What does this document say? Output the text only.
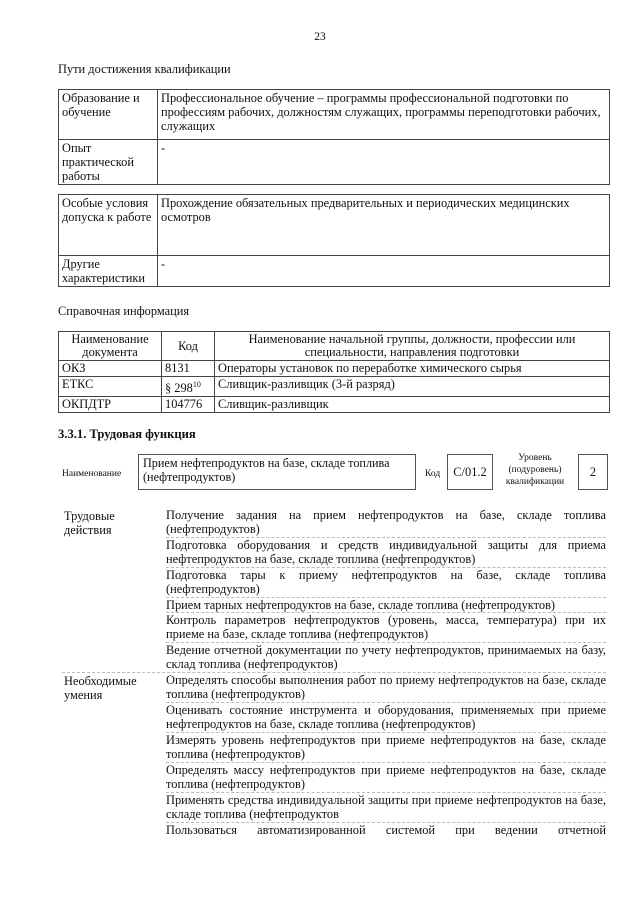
23
Пути достижения квалификации
Образование и обучение	Профессиональное обучение – программы профессиональной подготовки по профессиям рабочих, должностям служащих, программы переподготовки рабочих, служащих
Опыт практической работы	-
Особые условия допуска к работе	Прохождение обязательных предварительных и периодических медицинских осмотров
Другие характеристики	-
Справочная информация
Наименование документа	Код	Наименование начальной группы, должности, профессии или специальности, направления подготовки
ОКЗ	8131	Операторы установок по переработке химического сырья
ЕТКС	§ $298^{10}$	Сливщик-разливщик (3-й разряд)
ОКПДТР	104776	Сливщик-разливщик
3.3.1. Трудовая функция
Наименование
Прием нефтепродуктов на базе, складе топлива (нефтепродуктов)	Код	С/01.2
Уровень (подуровень) квалификации
2
Трудовые действия
Получение задания на прием нефтепродуктов на базе, складе топлива (нефтепродуктов)
Подготовка оборудования и средств индивидуальной защиты для приема нефтепродуктов на базе, складе топлива (нефтепродуктов)
Подготовка тары к приему нефтепродуктов на базе, складе топлива (нефтепродуктов)
Прием тарных нефтепродуктов на базе, складе топлива (нефтепродуктов)
Контроль параметров нефтепродуктов (уровень, масса, температура) при их приеме на базе, складе топлива (нефтепродуктов)
Ведение отчетной документации по учету нефтепродуктов, принимаемых на базу, склад топлива (нефтепродуктов)
Необходимые умения
Определять способы выполнения работ по приему нефтепродуктов на базе, складе топлива (нефтепродуктов)
Оценивать состояние инструмента и оборудования, применяемых при приеме нефтепродуктов на базе, складе топлива (нефтепродуктов)
Измерять уровень нефтепродуктов при приеме нефтепродуктов на базе, складе топлива (нефтепродуктов)
Определять массу нефтепродуктов при приеме нефтепродуктов на базе, складе топлива (нефтепродуктов)
Применять средства индивидуальной защиты при приеме нефтепродуктов на базе, складе топлива (нефтепродуктов
Пользоваться автоматизированной системой при ведении отчетной
